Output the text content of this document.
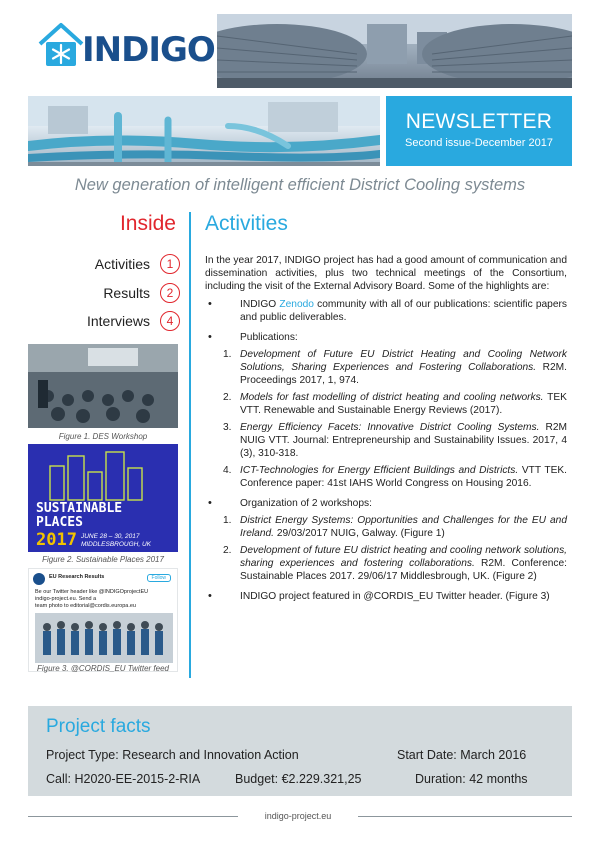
INDIGO
NEWSLETTER
Second issue-December 2017
New generation of intelligent efficient District Cooling systems
Inside
Activities	1
Results	2
Interviews	4
Figure 1. DES Workshop
SUSTAINABLE
PLACES
2017 JUNE 28 – 30, 2017
MIDDLESBROUGH, UK
Figure 2. Sustainable Places 2017
EU Research Results	Follow
Be our Twitter header like @INDIGOprojectEU
indigo-project.eu. Send a
team photo to editorial@cordis.europa.eu
Figure 3. @CORDIS_EU Twitter feed
Activities

In the year 2017, INDIGO project has had a good amount of communication and dissemination activities, plus two technical meetings of the Consortium, including the visit of the External Advisory Board. Some of the highlights are:

• INDIGO Zenodo community with all of our publications: scientific papers and public deliverables.
• Publications:
1. Development of Future EU District Heating and Cooling Network Solutions, Sharing Experiences and Fostering Collaborations. R2M. Proceedings 2017, 1, 974.
2. Models for fast modelling of district heating and cooling networks. TEK VTT. Renewable and Sustainable Energy Reviews (2017).
3. Energy Efficiency Facets: Innovative District Cooling Systems. R2M NUIG VTT. Journal: Entrepreneurship and Sustainability Issues. 2017, 4 (3), 310-318.
4. ICT-Technologies for Energy Efficient Buildings and Districts. VTT TEK. Conference paper: 41st IAHS World Congress on Housing 2016.
• Organization of 2 workshops:
1. District Energy Systems: Opportunities and Challenges for the EU and Ireland. 29/03/2017 NUIG, Galway. (Figure 1)
2. Development of future EU district heating and cooling network solutions, sharing experiences and fostering collaborations. R2M. Conference: Sustainable Places 2017. 29/06/17 Middlesbrough, UK. (Figure 2)
• INDIGO project featured in @CORDIS_EU Twitter header. (Figure 3)
Project facts
Project Type: Research and Innovation Action	Start Date: March 2016
Call: H2020-EE-2015-2-RIA	Budget: €2.229.321,25	Duration: 42 months
indigo-project.eu
